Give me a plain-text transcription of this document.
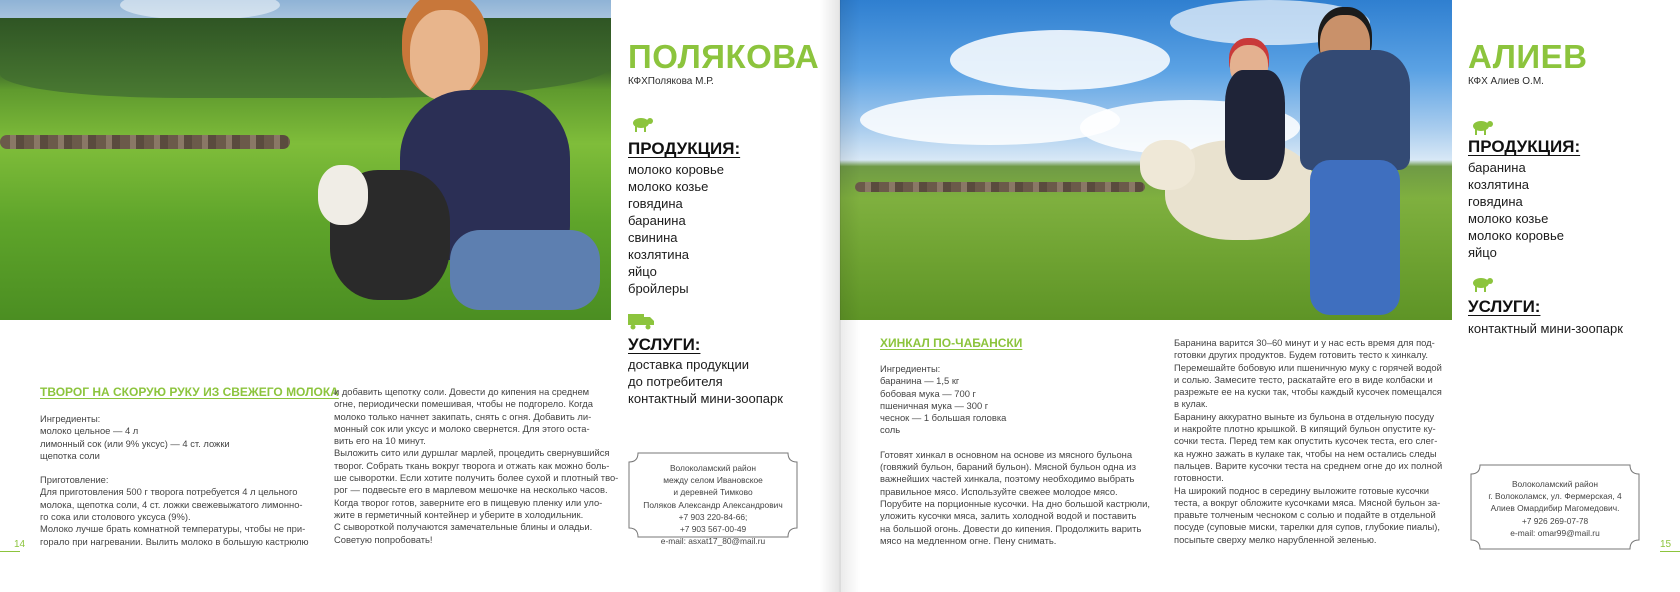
ПОЛЯКОВА
КФХПолякова М.Р.
ПРОДУКЦИЯ:
молоко коровье
молоко козье
говядина
баранина
свинина
козлятина
яйцо
бройлеры
УСЛУГИ:
доставка продукции
до потребителя
контактный мини-зоопарк
ТВОРОГ НА СКОРУЮ РУКУ ИЗ СВЕЖЕГО МОЛОКА

Ингредиенты:

молоко цельное — 4 л

лимонный сок (или 9% уксус) — 4 ст. ложки

щепотка соли

Приготовление:

Для приготовления 500 г творога потребуется 4 л цельного

молока, щепотка соли, 4 ст. ложки свежевыжатого лимонно-

го сока или столового уксуса (9%).

Молоко лучше брать комнатной температуры, чтобы не при-

горало при нагревании. Вылить молоко в большую кастрюлю

и добавить щепотку соли. Довести до кипения на среднем

огне, периодически помешивая, чтобы не подгорело. Когда

молоко только начнет закипать, снять с огня. Добавить ли-

монный сок или уксус и молоко свернется. Для этого оста-

вить его на 10 минут.

Выложить сито или дуршлаг марлей, процедить свернувшийся

творог. Собрать ткань вокруг творога и отжать как можно боль-

ше сыворотки. Если хотите получить более сухой и плотный тво-

рог — подвесьте его в марлевом мешочке на несколько часов.

Когда творог готов, заверните его в пищевую пленку или уло-

жите в герметичный контейнер и уберите в холодильник.

С сывороткой получаются замечательные блины и оладьи.

Советую попробовать!

Волоколамский район
между селом Ивановское
и деревней Тимково
Поляков Александр Александрович
+7 903 220-84-66;
+7 903 567-00-49
e-mail: asxat17_80@mail.ru
14
АЛИЕВ
КФХ Алиев О.М.
ПРОДУКЦИЯ:
баранина
козлятина
говядина
молоко козье
молоко коровье
яйцо
УСЛУГИ:
контактный мини-зоопарк
ХИНКАЛ ПО-ЧАБАНСКИ

Ингредиенты:

баранина — 1,5 кг

бобовая мука — 700 г

пшеничная мука — 300 г

чеснок — 1 большая головка

соль

Готовят хинкал в основном на основе из мясного бульона

(говяжий бульон, бараний бульон). Мясной бульон одна из

важнейших частей хинкала, поэтому необходимо выбрать

правильное мясо. Используйте свежее молодое мясо.

Порубите на порционные кусочки. На дно большой кастрюли,

уложить кусочки мяса, залить холодной водой и поставить

на большой огонь. Довести до кипения. Продолжить варить

мясо на медленном огне. Пену снимать.

Баранина варится 30–60 минут и у нас есть время для под-

готовки других продуктов. Будем готовить тесто к хинкалу.

Перемешайте бобовую или пшеничную муку с горячей водой

и солью. Замесите тесто, раскатайте его в виде колбаски и

разрежьте ее на куски так, чтобы каждый кусочек помещался

в кулак.

Баранину аккуратно выньте из бульона в отдельную посуду

и накройте плотно крышкой. В кипящий бульон опустите ку-

сочки теста. Перед тем как опустить кусочек теста, его слег-

ка нужно зажать в кулаке так, чтобы на нем остались следы

пальцев. Варите кусочки теста на среднем огне до их полной

готовности.

На широкий поднос в середину выложите готовые кусочки

теста, а вокруг обложите кусочками мяса. Мясной бульон за-

правьте толченым чесноком с солью и подайте в отдельной

посуде (суповые миски, тарелки для супов, глубокие пиалы),

посыпьте сверху мелко нарубленной зеленью.

Волоколамский район
г. Волоколамск, ул. Фермерская, 4
Алиев Омардибир Магомедович.
+7 926 269-07-78
e-mail: omar99@mail.ru
15
